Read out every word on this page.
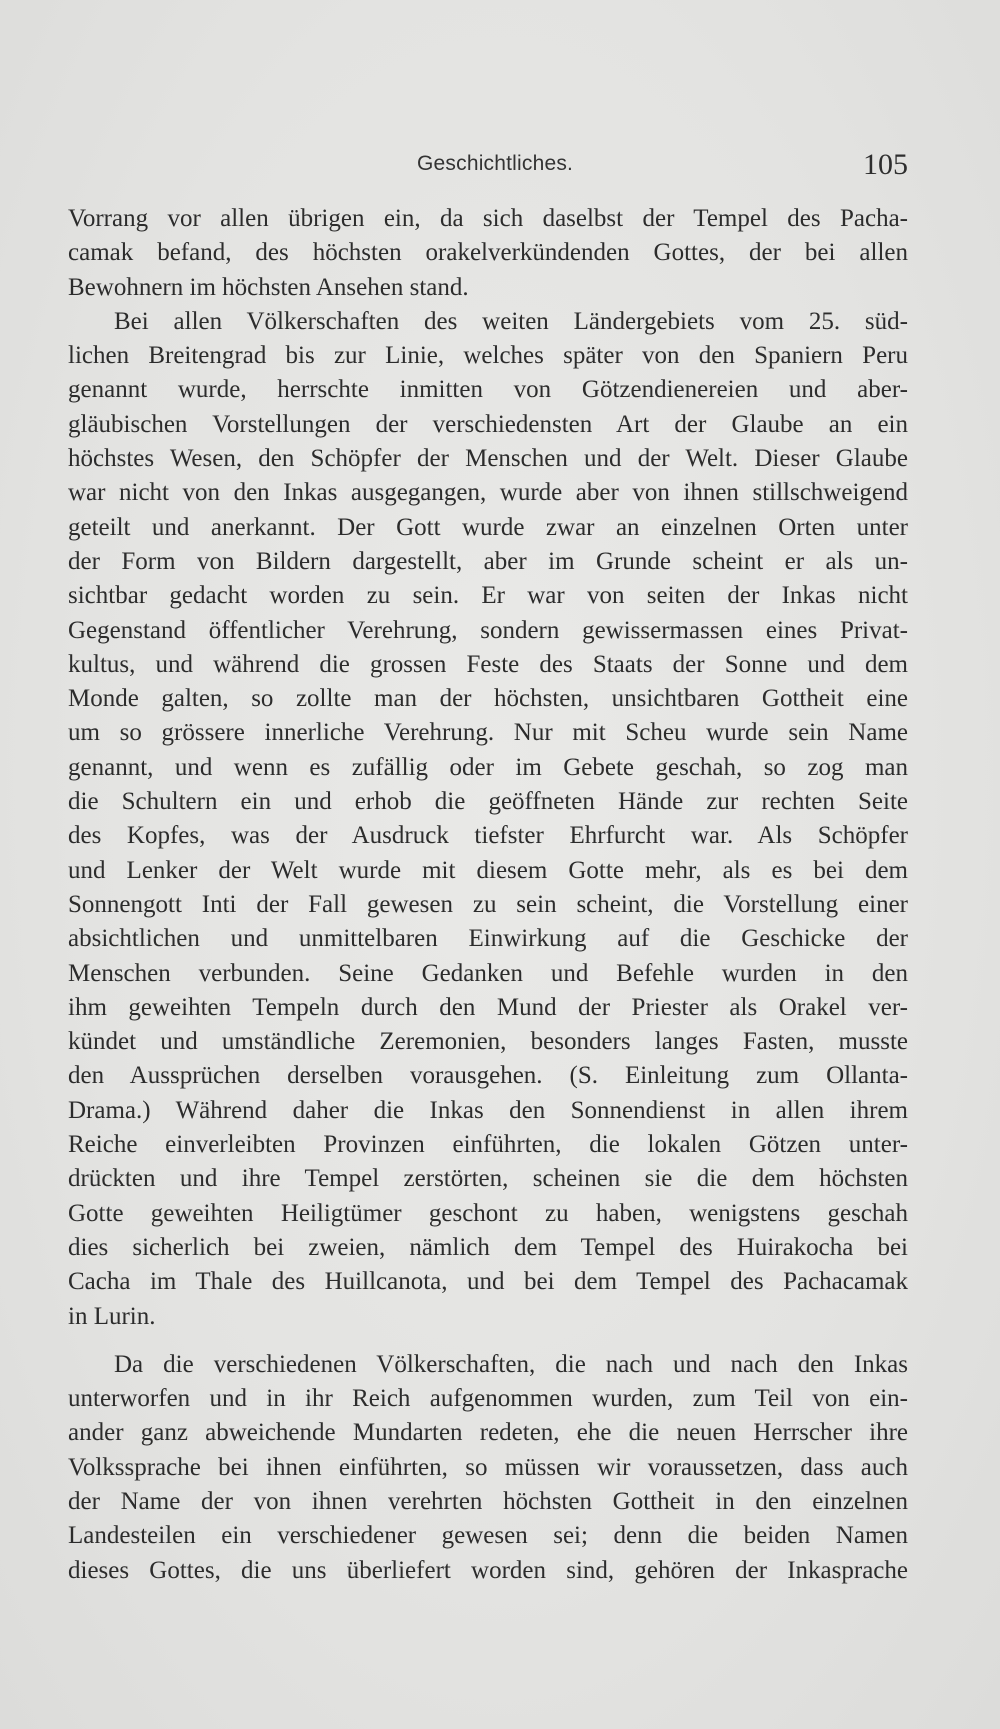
Geschichtliches.	105
Vorrang vor allen übrigen ein, da sich daselbst der Tempel des Pacha-
camak befand, des höchsten orakelverkündenden Gottes, der bei allen
Bewohnern im höchsten Ansehen stand.
Bei allen Völkerschaften des weiten Ländergebiets vom 25. süd-
lichen Breitengrad bis zur Linie, welches später von den Spaniern Peru
genannt wurde, herrschte inmitten von Götzendienereien und aber-
gläubischen Vorstellungen der verschiedensten Art der Glaube an ein
höchstes Wesen, den Schöpfer der Menschen und der Welt. Dieser Glaube
war nicht von den Inkas ausgegangen, wurde aber von ihnen stillschweigend
geteilt und anerkannt. Der Gott wurde zwar an einzelnen Orten unter
der Form von Bildern dargestellt, aber im Grunde scheint er als un-
sichtbar gedacht worden zu sein. Er war von seiten der Inkas nicht
Gegenstand öffentlicher Verehrung, sondern gewissermassen eines Privat-
kultus, und während die grossen Feste des Staats der Sonne und dem
Monde galten, so zollte man der höchsten, unsichtbaren Gottheit eine
um so grössere innerliche Verehrung. Nur mit Scheu wurde sein Name
genannt, und wenn es zufällig oder im Gebete geschah, so zog man
die Schultern ein und erhob die geöffneten Hände zur rechten Seite
des Kopfes, was der Ausdruck tiefster Ehrfurcht war. Als Schöpfer
und Lenker der Welt wurde mit diesem Gotte mehr, als es bei dem
Sonnengott Inti der Fall gewesen zu sein scheint, die Vorstellung einer
absichtlichen und unmittelbaren Einwirkung auf die Geschicke der
Menschen verbunden. Seine Gedanken und Befehle wurden in den
ihm geweihten Tempeln durch den Mund der Priester als Orakel ver-
kündet und umständliche Zeremonien, besonders langes Fasten, musste
den Aussprüchen derselben vorausgehen. (S. Einleitung zum Ollanta-
Drama.) Während daher die Inkas den Sonnendienst in allen ihrem
Reiche einverleibten Provinzen einführten, die lokalen Götzen unter-
drückten und ihre Tempel zerstörten, scheinen sie die dem höchsten
Gotte geweihten Heiligtümer geschont zu haben, wenigstens geschah
dies sicherlich bei zweien, nämlich dem Tempel des Huirakocha bei
Cacha im Thale des Huillcanota, und bei dem Tempel des Pachacamak
in Lurin.
Da die verschiedenen Völkerschaften, die nach und nach den Inkas
unterworfen und in ihr Reich aufgenommen wurden, zum Teil von ein-
ander ganz abweichende Mundarten redeten, ehe die neuen Herrscher ihre
Volkssprache bei ihnen einführten, so müssen wir voraussetzen, dass auch
der Name der von ihnen verehrten höchsten Gottheit in den einzelnen
Landesteilen ein verschiedener gewesen sei; denn die beiden Namen
dieses Gottes, die uns überliefert worden sind, gehören der Inkasprache
